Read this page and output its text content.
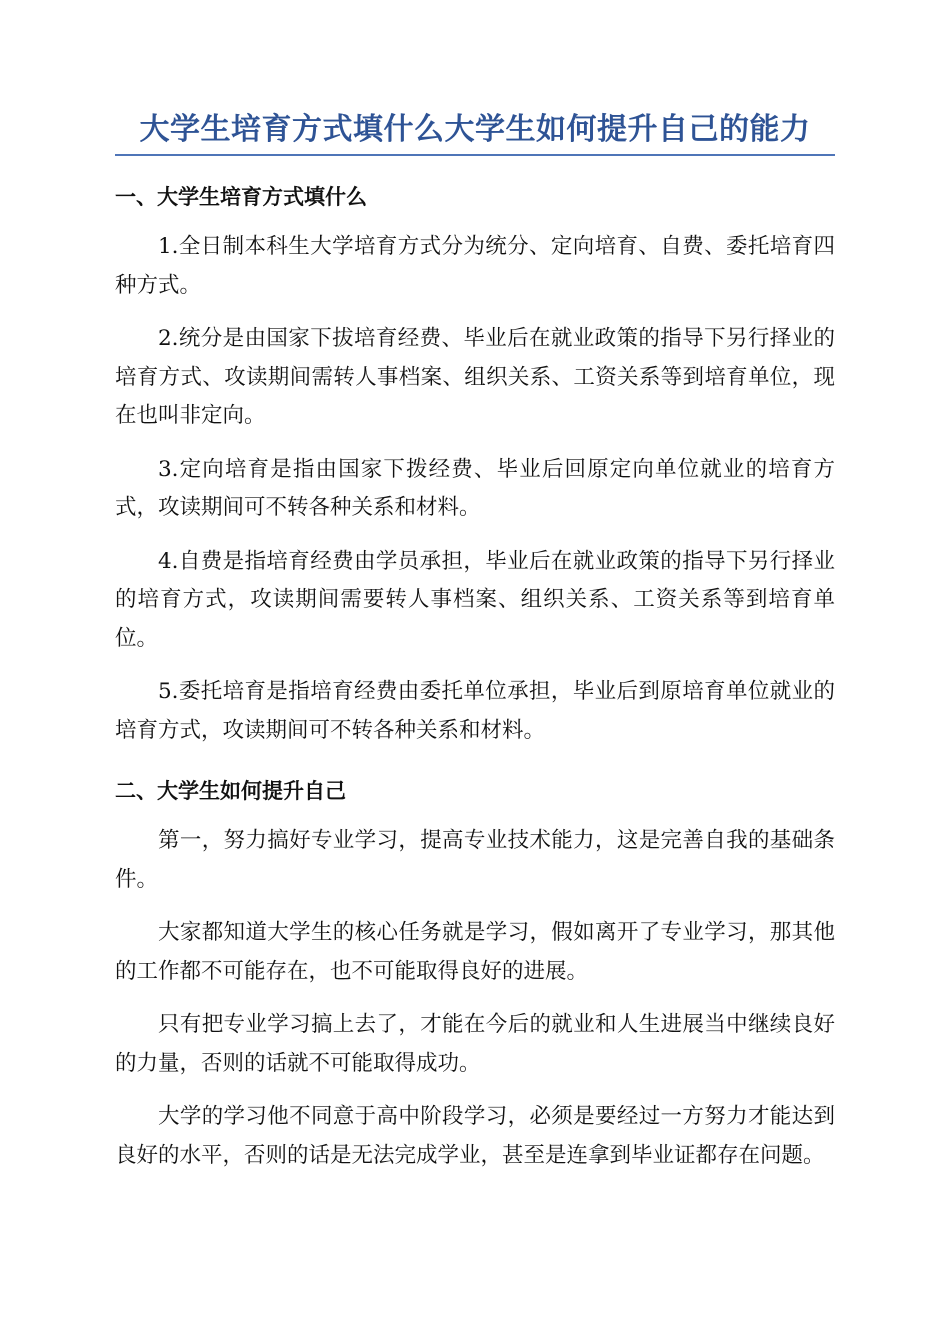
大学生培育方式填什么大学生如何提升自己的能力
一、大学生培育方式填什么

1.全日制本科生大学培育方式分为统分、定向培育、自费、委托培育四种方式。

2.统分是由国家下拔培育经费、毕业后在就业政策的指导下另行择业的培育方式、攻读期间需转人事档案、组织关系、工资关系等到培育单位，现在也叫非定向。

3.定向培育是指由国家下拨经费、毕业后回原定向单位就业的培育方式，攻读期间可不转各种关系和材料。

4.自费是指培育经费由学员承担，毕业后在就业政策的指导下另行择业的培育方式，攻读期间需要转人事档案、组织关系、工资关系等到培育单位。

5.委托培育是指培育经费由委托单位承担，毕业后到原培育单位就业的培育方式，攻读期间可不转各种关系和材料。

二、大学生如何提升自己

第一，努力搞好专业学习，提高专业技术能力，这是完善自我的基础条件。

大家都知道大学生的核心任务就是学习，假如离开了专业学习，那其他的工作都不可能存在，也不可能取得良好的进展。

只有把专业学习搞上去了，才能在今后的就业和人生进展当中继续良好的力量，否则的话就不可能取得成功。

大学的学习他不同意于高中阶段学习，必须是要经过一方努力才能达到良好的水平，否则的话是无法完成学业，甚至是连拿到毕业证都存在问题。
